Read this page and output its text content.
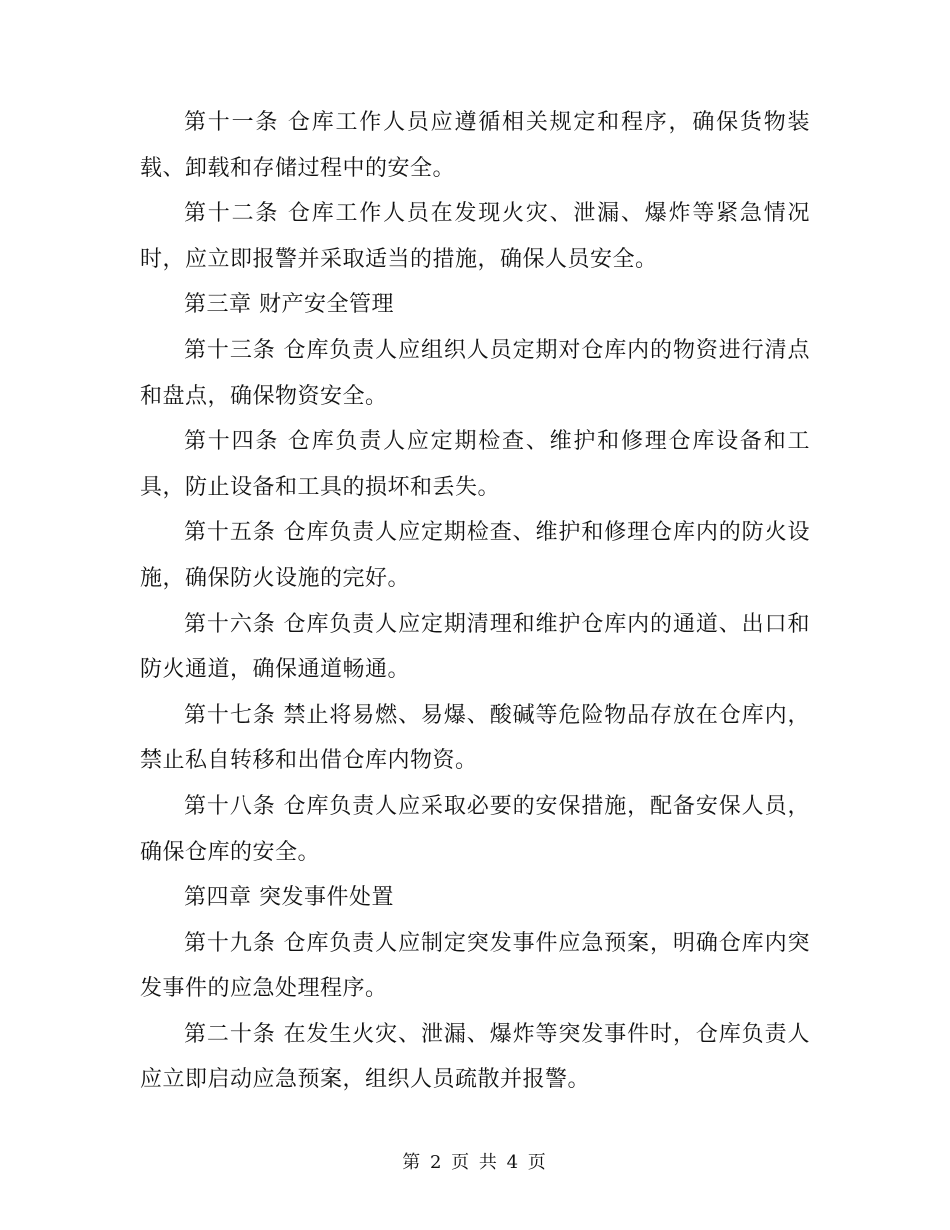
第十一条 仓库工作人员应遵循相关规定和程序，确保货物装载、卸载和存储过程中的安全。

第十二条 仓库工作人员在发现火灾、泄漏、爆炸等紧急情况时，应立即报警并采取适当的措施，确保人员安全。

第三章 财产安全管理

第十三条 仓库负责人应组织人员定期对仓库内的物资进行清点和盘点，确保物资安全。

第十四条 仓库负责人应定期检查、维护和修理仓库设备和工具，防止设备和工具的损坏和丢失。

第十五条 仓库负责人应定期检查、维护和修理仓库内的防火设施，确保防火设施的完好。

第十六条 仓库负责人应定期清理和维护仓库内的通道、出口和防火通道，确保通道畅通。

第十七条 禁止将易燃、易爆、酸碱等危险物品存放在仓库内，禁止私自转移和出借仓库内物资。

第十八条 仓库负责人应采取必要的安保措施，配备安保人员，确保仓库的安全。

第四章 突发事件处置

第十九条 仓库负责人应制定突发事件应急预案，明确仓库内突发事件的应急处理程序。

第二十条 在发生火灾、泄漏、爆炸等突发事件时，仓库负责人应立即启动应急预案，组织人员疏散并报警。

第 2 页 共 4 页
